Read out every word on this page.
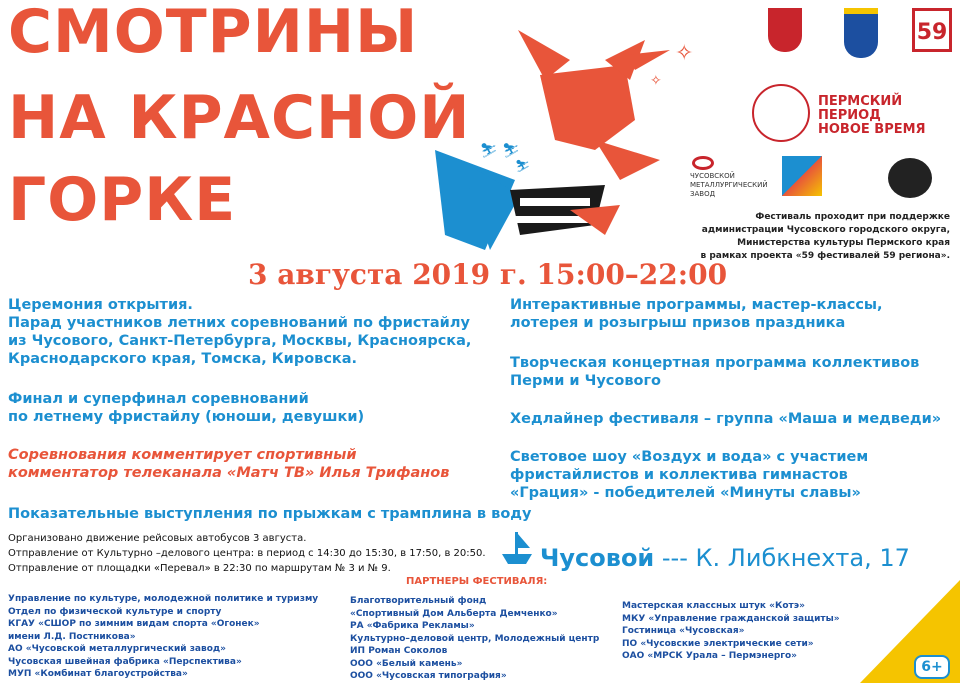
⛷ ⛷
⛷
✧
✧
СМОТРИНЫ
НА КРАСНОЙ
ГОРКЕ
59
ПЕРМСКИЙ
ПЕРИОД
НОВОЕ ВРЕМЯ
ЧУСОВСКОЙ
МЕТАЛЛУРГИЧЕСКИЙ
ЗАВОД
Фестиваль проходит при поддержке
администрации Чусовского городского округа,
Министерства культуры Пермского края
в рамках проекта «59 фестивалей 59 региона».
3 августа 2019 г. 15:00–22:00
Церемония открытия.
Парад участников летних соревнований по фристайлу
из Чусового, Санкт-Петербурга, Москвы, Красноярска,
Краснодарского края, Томска, Кировска.
Финал и суперфинал соревнований
по летнему фристайлу (юноши, девушки)
Соревнования комментирует спортивный
комментатор телеканала «Матч ТВ» Илья Трифанов
Показательные выступления по прыжкам с трамплина в воду
Интерактивные программы, мастер-классы,
лотерея и розыгрыш призов праздника
Творческая концертная программа коллективов
Перми и Чусового
Хедлайнер фестиваля – группа «Маша и медведи»
Световое шоу «Воздух и вода» с участием
фристайлистов и коллектива гимнастов
«Грация» - победителей «Минуты славы»
Организовано движение рейсовых автобусов 3 августа.
Отправление от Культурно –делового центра: в период с 14:30 до 15:30, в 17:50, в 20:50.
Отправление от площадки «Перевал» в 22:30 по маршрутам № 3 и № 9.	Чусовой --- К. Либкнехта, 17
ПАРТНЕРЫ ФЕСТИВАЛЯ:
Управление по культуре, молодежной политике и туризму
Отдел по физической культуре и спорту
КГАУ «СШОР по зимним видам спорта «Огонек»
имени Л.Д. Постникова»
АО «Чусовской металлургический завод»
Чусовская швейная фабрика «Перспектива»
МУП «Комбинат благоустройства»
Благотворительный фонд
«Спортивный Дом Альберта Демченко»
РА «Фабрика Рекламы»
Культурно–деловой центр, Молодежный центр
ИП Роман Соколов
ООО «Белый камень»
ООО «Чусовская типография»
Мастерская классных штук «Котэ»
МКУ «Управление гражданской защиты»
Гостиница «Чусовская»
ПО «Чусовские электрические сети»
ОАО «МРСК Урала – Пермэнерго»
6+
